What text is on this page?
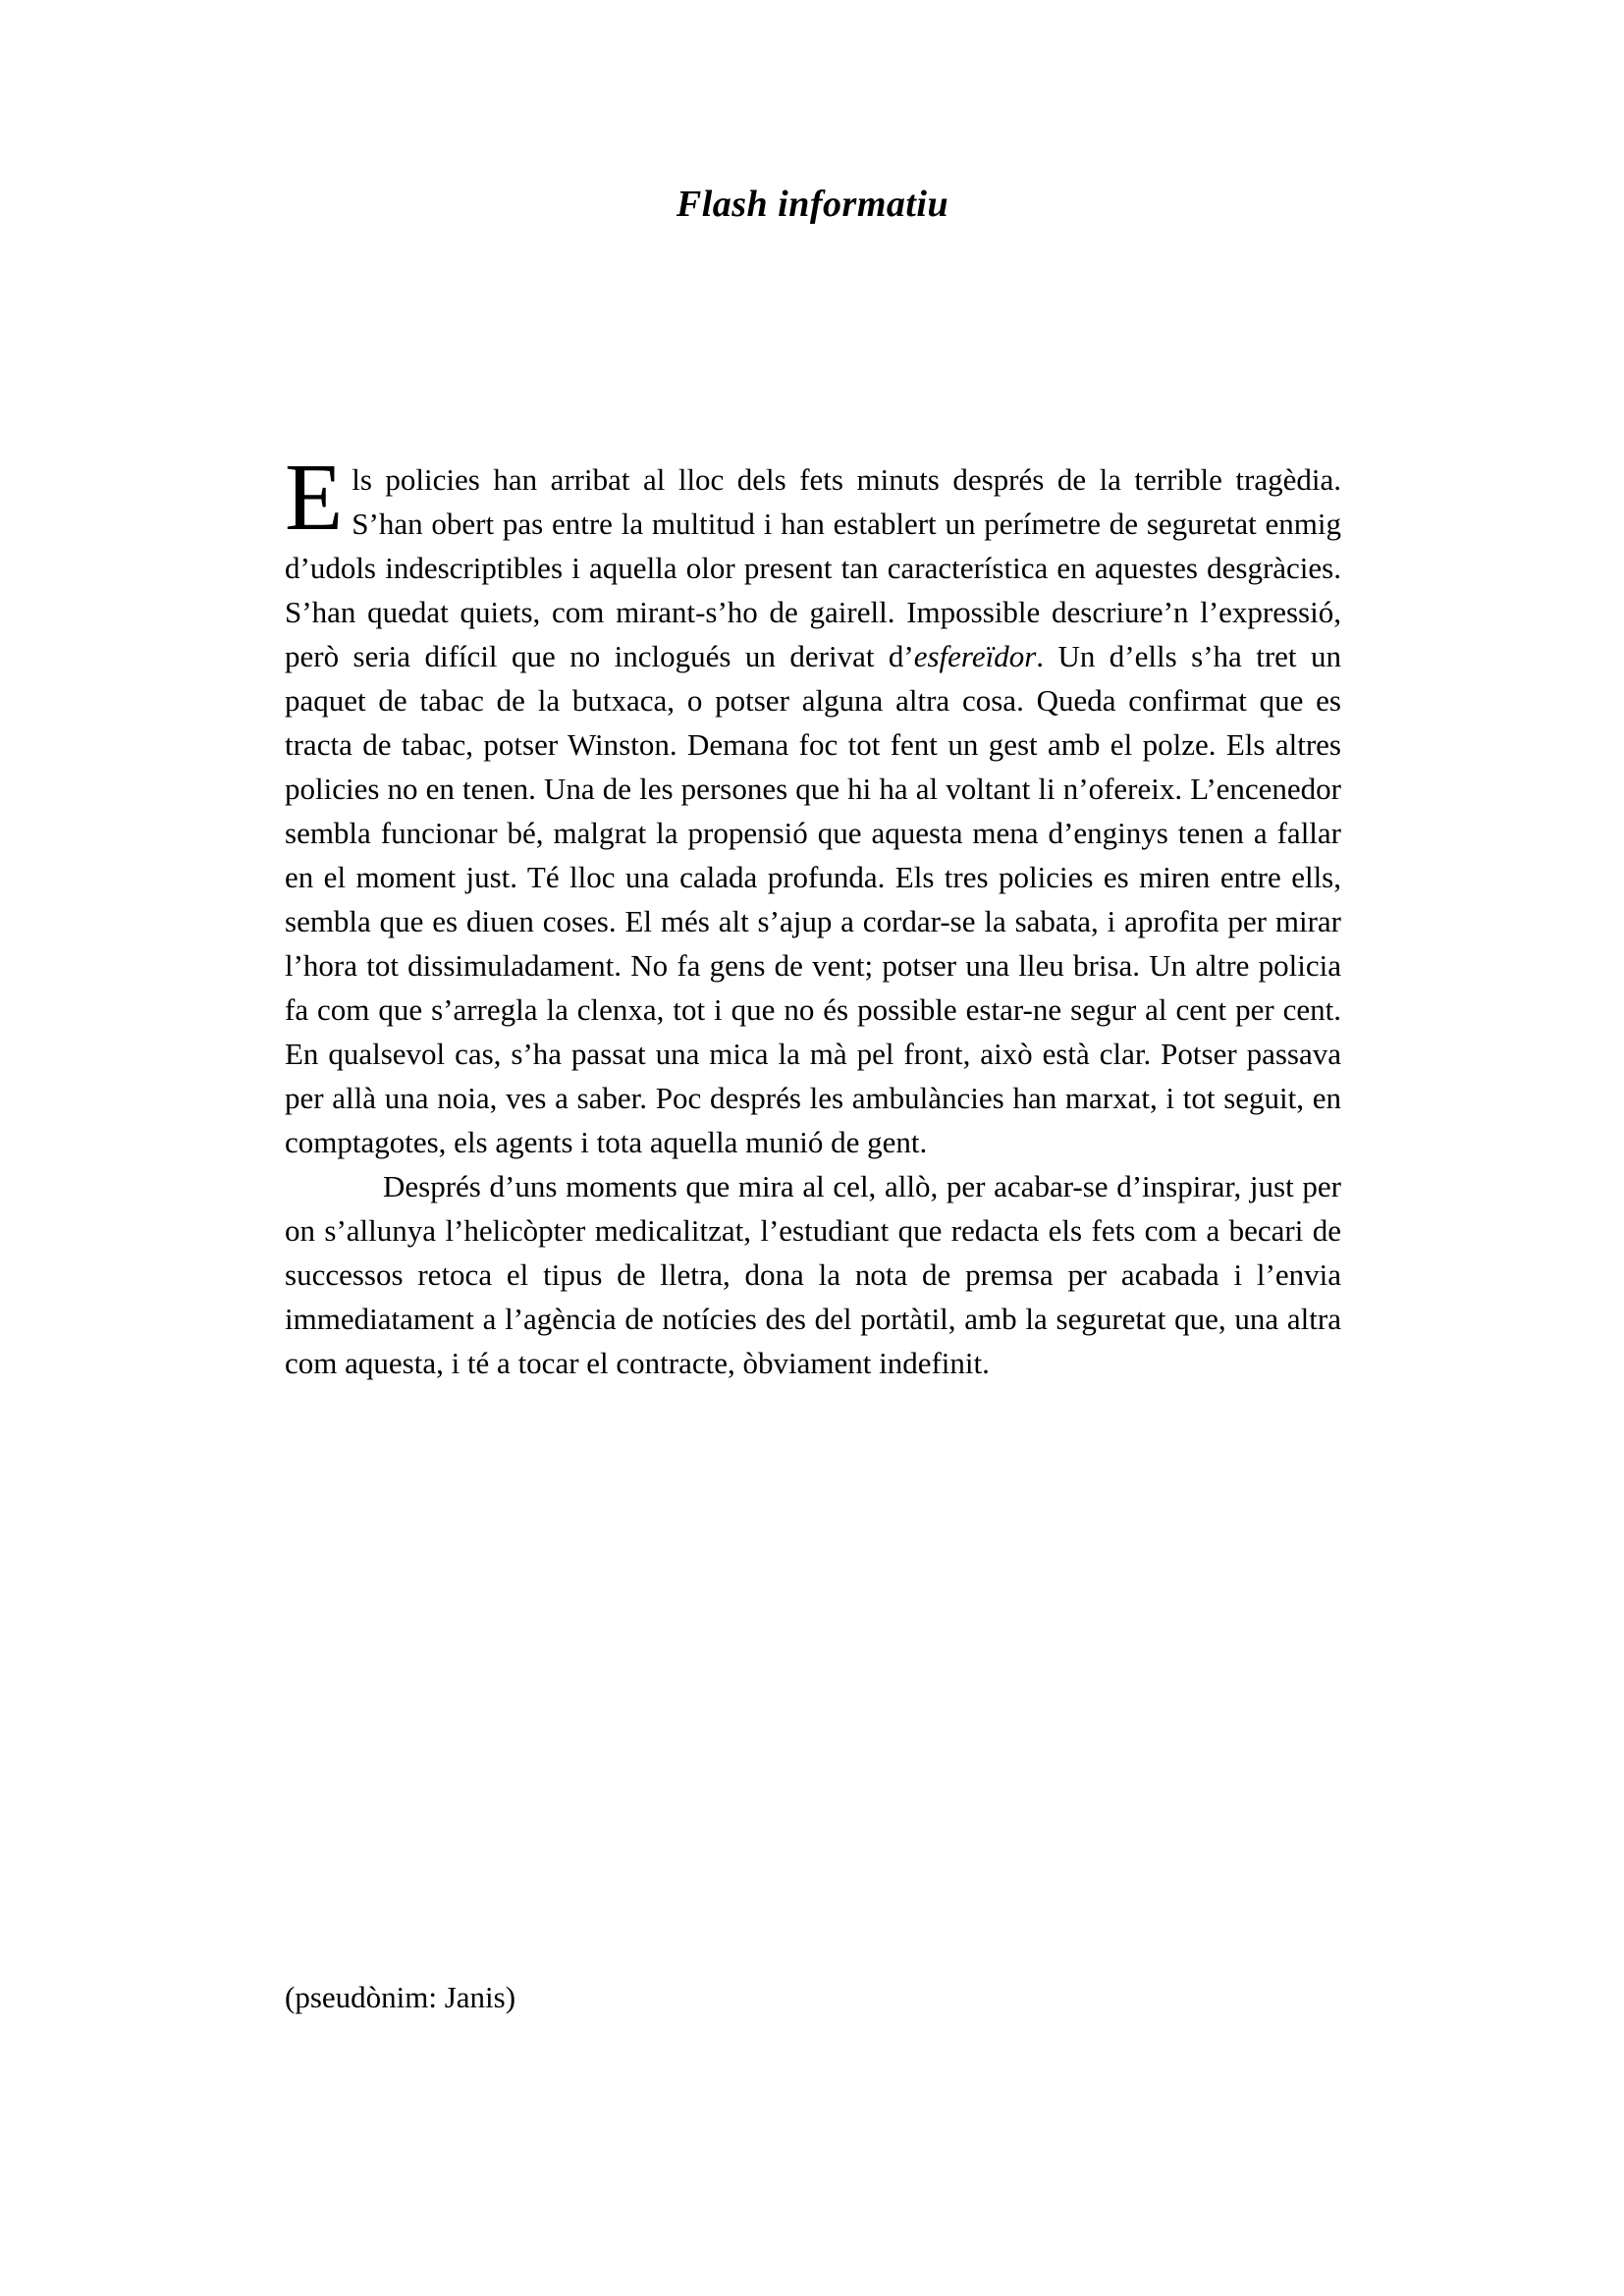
Flash informatiu

Els policies han arribat al lloc dels fets minuts després de la terrible tragèdia. S’han obert pas entre la multitud i han establert un perímetre de seguretat enmig d’udols indescriptibles i aquella olor present tan característica en aquestes desgràcies. S’han quedat quiets, com mirant-s’ho de gairell. Impossible descriure’n l’expressió, però seria difícil que no inclogués un derivat d’esfereïdor. Un d’ells s’ha tret un paquet de tabac de la butxaca, o potser alguna altra cosa. Queda confirmat que es tracta de tabac, potser Winston. Demana foc tot fent un gest amb el polze. Els altres policies no en tenen. Una de les persones que hi ha al voltant li n’ofereix. L’encenedor sembla funcionar bé, malgrat la propensió que aquesta mena d’enginys tenen a fallar en el moment just. Té lloc una calada profunda. Els tres policies es miren entre ells, sembla que es diuen coses. El més alt s’ajup a cordar-se la sabata, i aprofita per mirar l’hora tot dissimuladament. No fa gens de vent; potser una lleu brisa. Un altre policia fa com que s’arregla la clenxa, tot i que no és possible estar-ne segur al cent per cent. En qualsevol cas, s’ha passat una mica la mà pel front, això està clar. Potser passava per allà una noia, ves a saber. Poc després les ambulàncies han marxat, i tot seguit, en comptagotes, els agents i tota aquella munió de gent.

Després d’uns moments que mira al cel, allò, per acabar-se d’inspirar, just per on s’allunya l’helicòpter medicalitzat, l’estudiant que redacta els fets com a becari de successos retoca el tipus de lletra, dona la nota de premsa per acabada i l’envia immediatament a l’agència de notícies des del portàtil, amb la seguretat que, una altra com aquesta, i té a tocar el contracte, òbviament indefinit.

(pseudònim: Janis)
